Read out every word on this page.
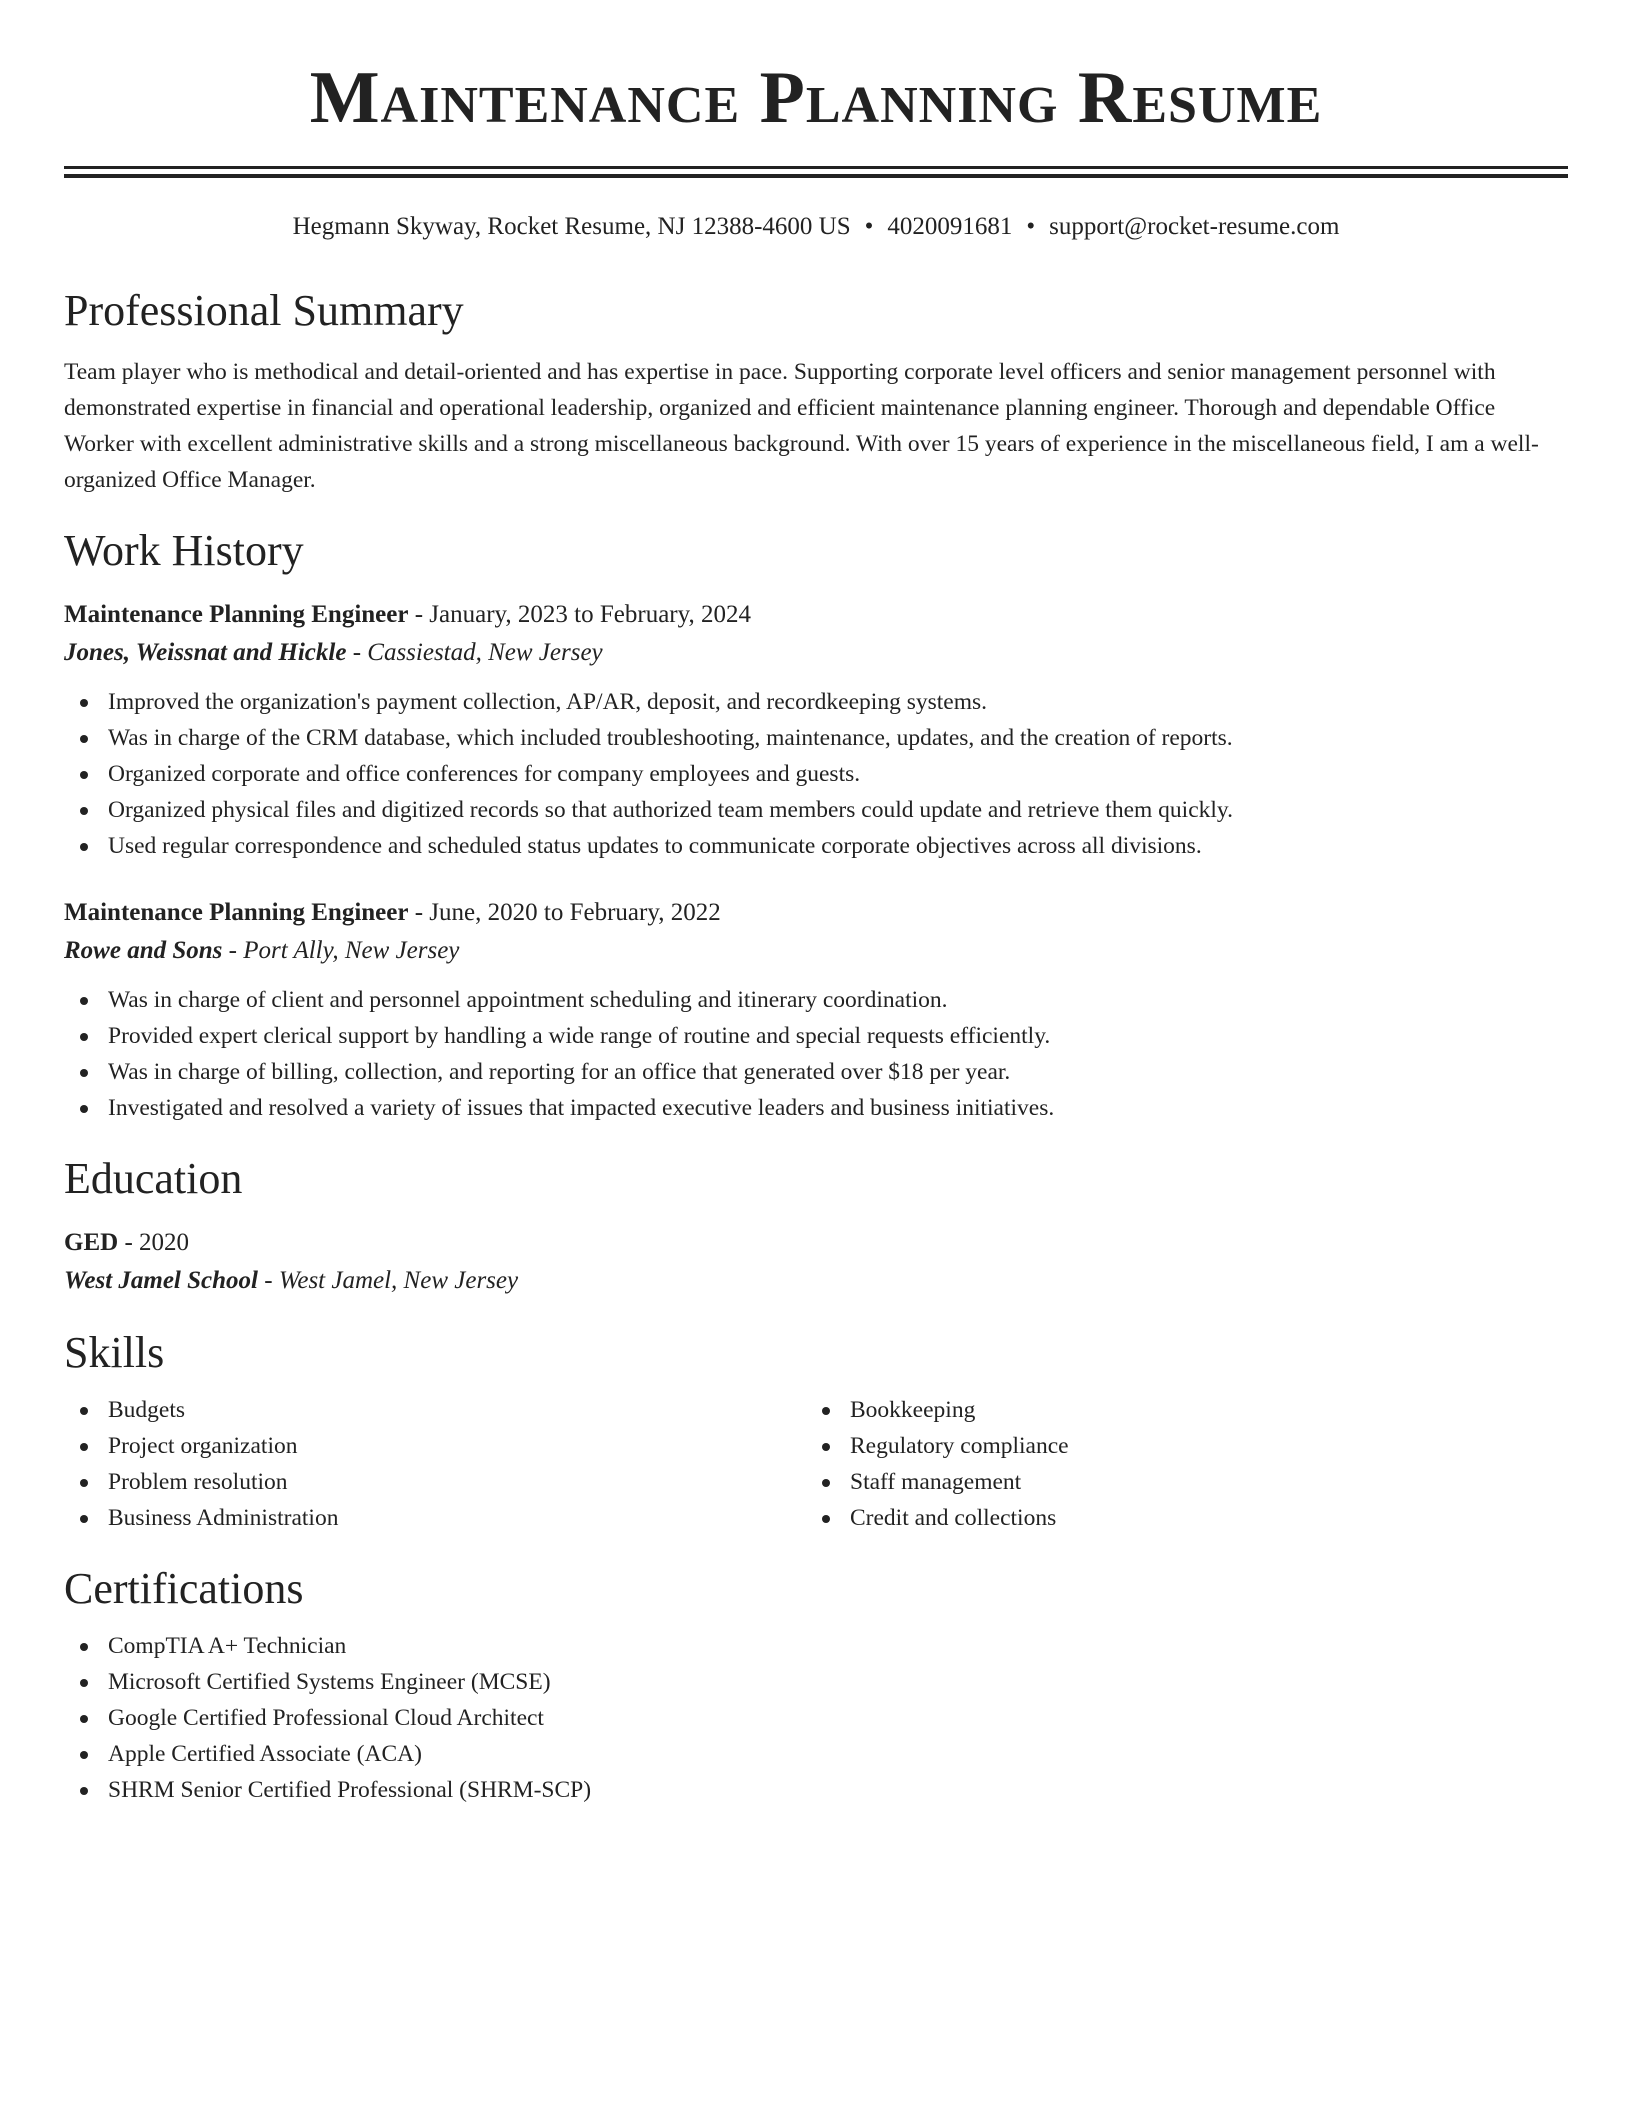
Maintenance Planning Resume
Hegmann Skyway, Rocket Resume, NJ 12388-4600 US • 4020091681 • support@rocket-resume.com
Professional Summary

Team player who is methodical and detail-oriented and has expertise in pace. Supporting corporate level officers and senior management personnel with demonstrated expertise in financial and operational leadership, organized and efficient maintenance planning engineer. Thorough and dependable Office Worker with excellent administrative skills and a strong miscellaneous background. With over 15 years of experience in the miscellaneous field, I am a well-organized Office Manager.

Work History
Maintenance Planning Engineer - January, 2023 to February, 2024
Jones, Weissnat and Hickle - Cassiestad, New Jersey
Improved the organization's payment collection, AP/AR, deposit, and recordkeeping systems.
Was in charge of the CRM database, which included troubleshooting, maintenance, updates, and the creation of reports.
Organized corporate and office conferences for company employees and guests.
Organized physical files and digitized records so that authorized team members could update and retrieve them quickly.
Used regular correspondence and scheduled status updates to communicate corporate objectives across all divisions.
Maintenance Planning Engineer - June, 2020 to February, 2022
Rowe and Sons - Port Ally, New Jersey
Was in charge of client and personnel appointment scheduling and itinerary coordination.
Provided expert clerical support by handling a wide range of routine and special requests efficiently.
Was in charge of billing, collection, and reporting for an office that generated over $18 per year.
Investigated and resolved a variety of issues that impacted executive leaders and business initiatives.
Education
GED - 2020
West Jamel School - West Jamel, New Jersey
Skills
Budgets
Project organization
Problem resolution
Business Administration
Bookkeeping
Regulatory compliance
Staff management
Credit and collections
Certifications
CompTIA A+ Technician
Microsoft Certified Systems Engineer (MCSE)
Google Certified Professional Cloud Architect
Apple Certified Associate (ACA)
SHRM Senior Certified Professional (SHRM-SCP)
